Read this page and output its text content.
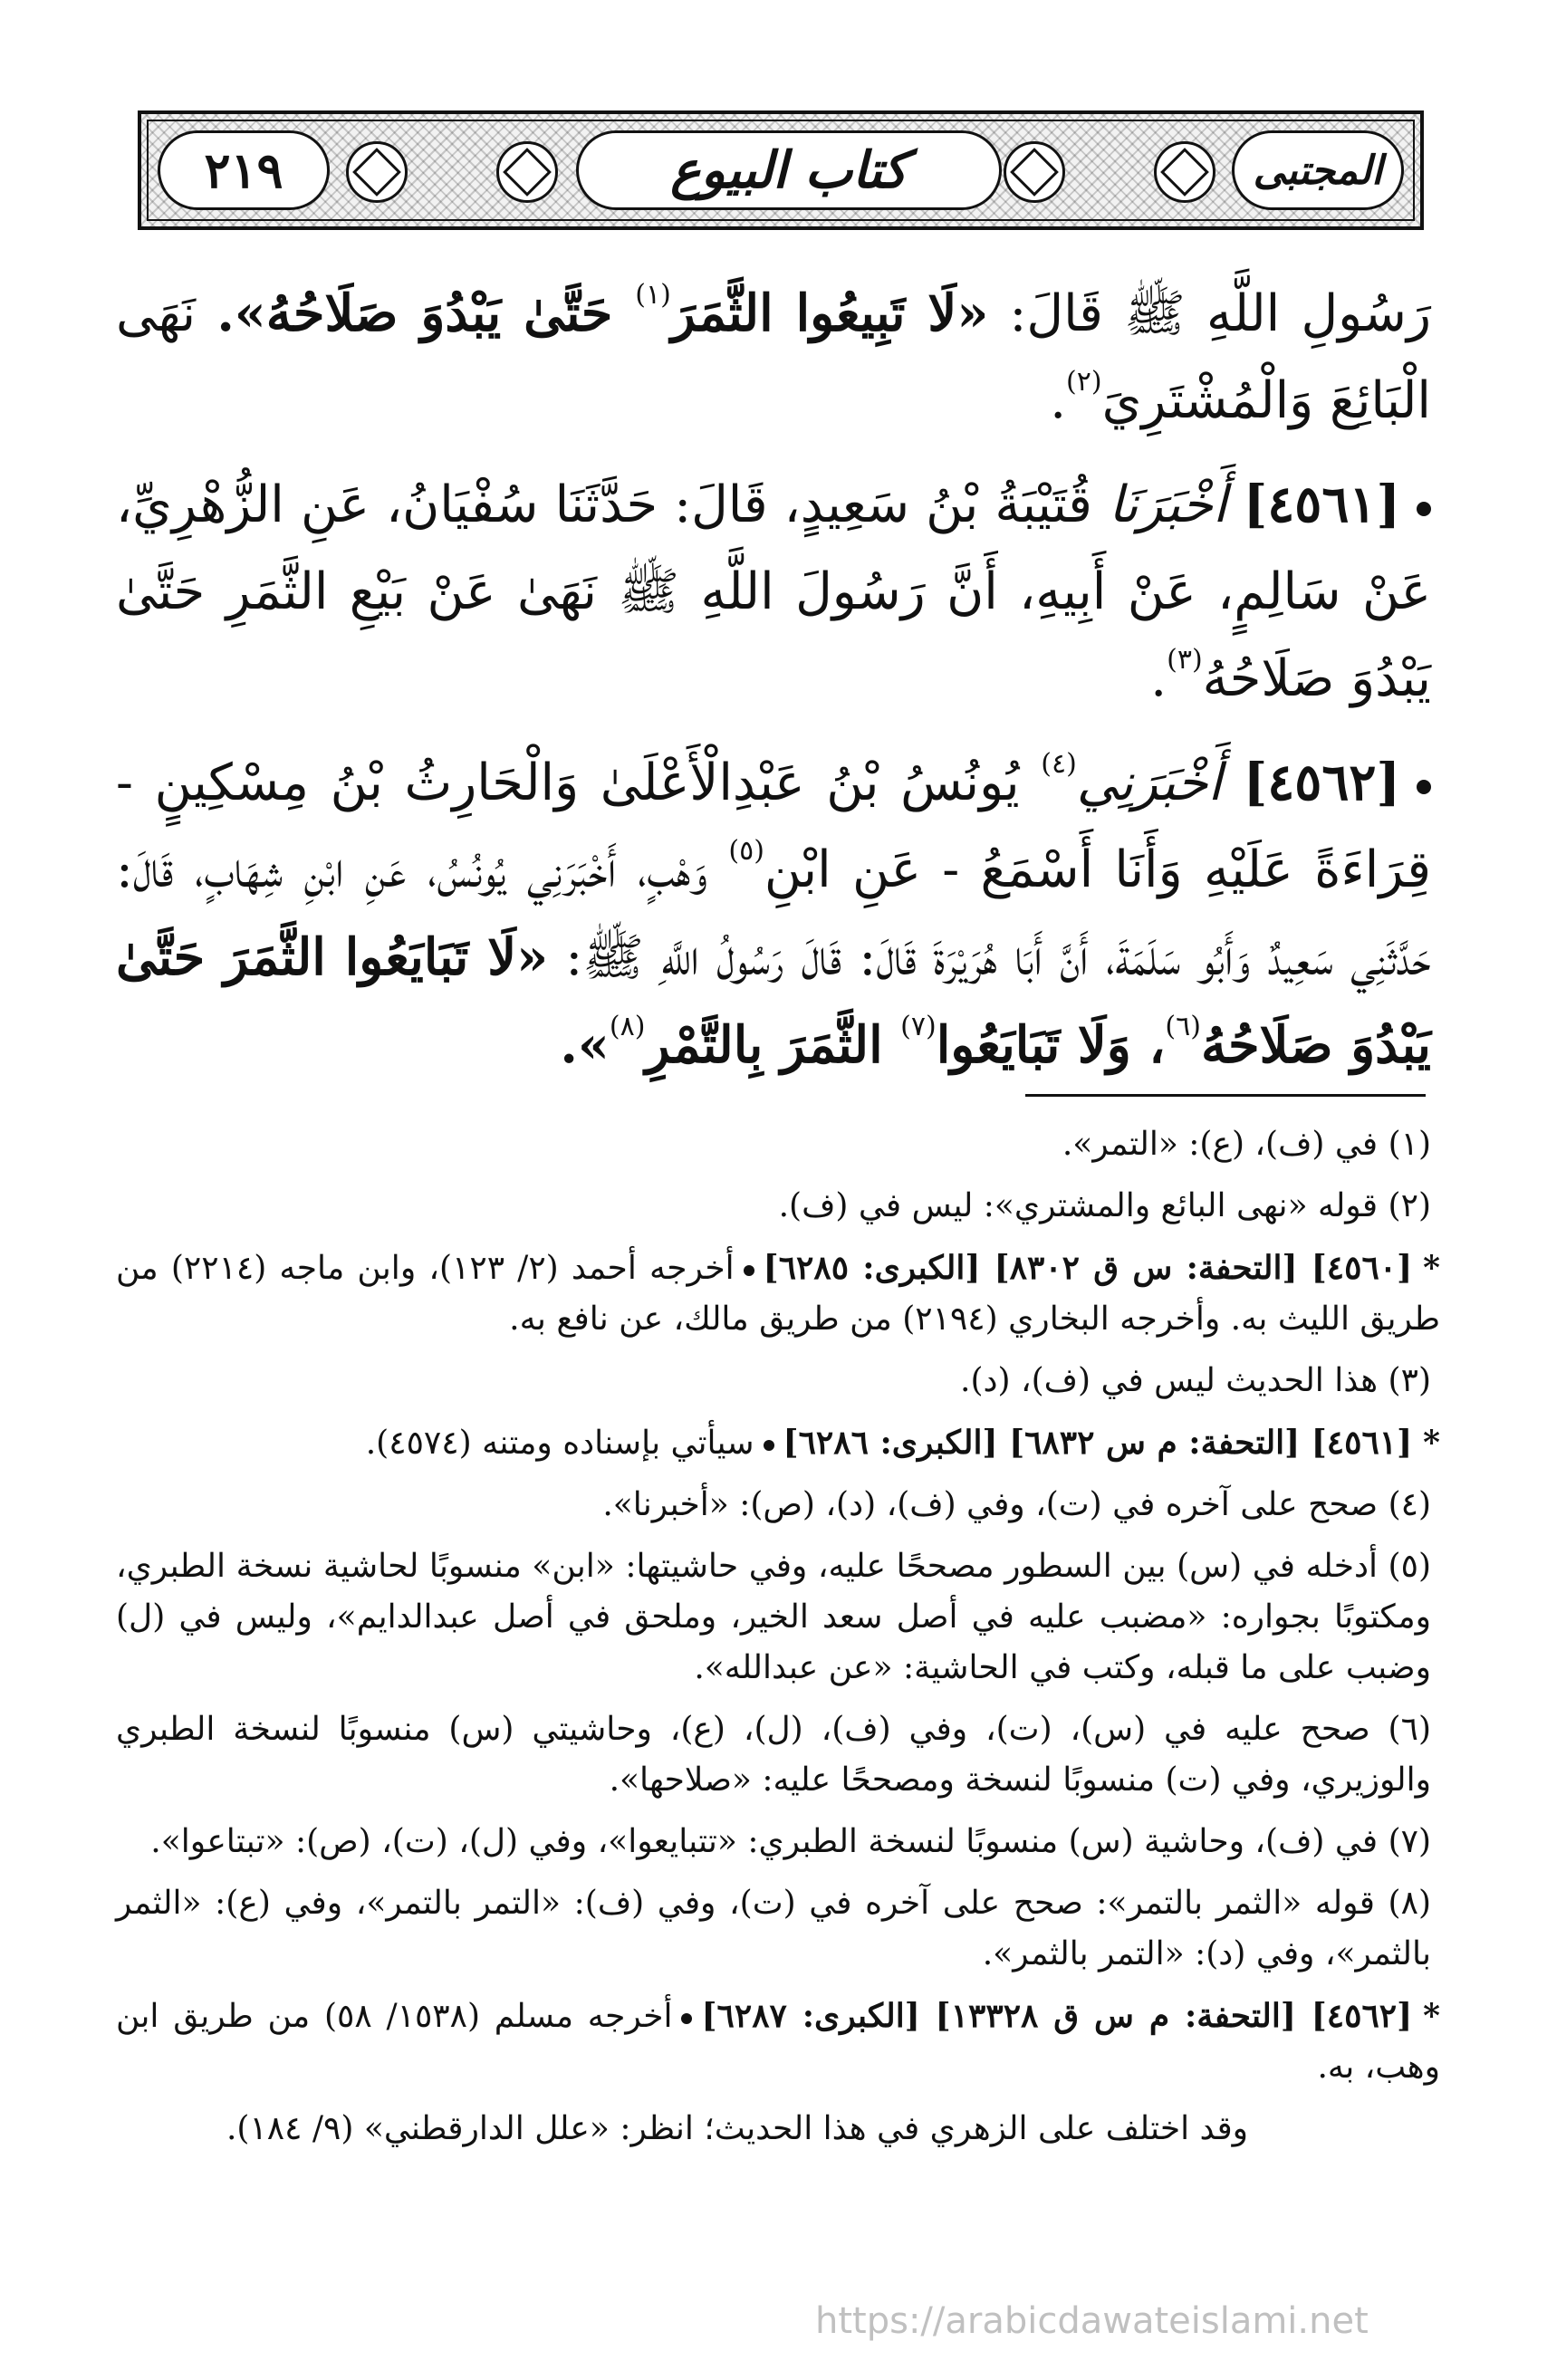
المجتبى
كتاب البيوع
٢١٩

رَسُولِ اللَّهِ ﷺ قَالَ: «لَا تَبِيعُوا الثَّمَرَ$^{(١)}$ حَتَّىٰ يَبْدُوَ صَلَاحُهُ». نَهَى الْبَائِعَ وَالْمُشْتَرِيَ$^{(٢)}$.

[٤٥٦١] أَخْبَرَنَا قُتَيْبَةُ بْنُ سَعِيدٍ، قَالَ: حَدَّثَنَا سُفْيَانُ، عَنِ الزُّهْرِيِّ، عَنْ سَالِمٍ، عَنْ أَبِيهِ، أَنَّ رَسُولَ اللَّهِ ﷺ نَهَىٰ عَنْ بَيْعِ الثَّمَرِ حَتَّىٰ يَبْدُوَ صَلَاحُهُ$^{(٣)}$.

[٤٥٦٢] أَخْبَرَنِي$^{(٤)}$ يُونُسُ بْنُ عَبْدِالْأَعْلَىٰ وَالْحَارِثُ بْنُ مِسْكِينٍ - قِرَاءَةً عَلَيْهِ وَأَنَا أَسْمَعُ - عَنِ ابْنِ$^{(٥)}$ وَهْبٍ، أَخْبَرَنِي يُونُسُ، عَنِ ابْنِ شِهَابٍ، قَالَ: حَدَّثَنِي سَعِيدٌ وَأَبُو سَلَمَةَ، أَنَّ أَبَا هُرَيْرَةَ قَالَ: قَالَ رَسُولُ اللَّهِ ﷺ: «لَا تَبَايَعُوا الثَّمَرَ حَتَّىٰ يَبْدُوَ صَلَاحُهُ$^{(٦)}$، وَلَا تَبَايَعُوا$^{(٧)}$ الثَّمَرَ بِالتَّمْرِ$^{(٨)}$».

(١) في (ف)، (ع): «التمر».

(٢) قوله «نهى البائع والمشتري»: ليس في (ف).

*[٤٥٦٠] [التحفة: س ق ٨٣٠٢] [الكبرى: ٦٢٨٥]أخرجه أحمد (٢/ ١٢٣)، وابن ماجه (٢٢١٤) من طريق الليث به. وأخرجه البخاري (٢١٩٤) من طريق مالك، عن نافع به.

(٣) هذا الحديث ليس في (ف)، (د).

*[٤٥٦١] [التحفة: م س ٦٨٣٢] [الكبرى: ٦٢٨٦]سيأتي بإسناده ومتنه (٤٥٧٤).

(٤) صحح على آخره في (ت)، وفي (ف)، (د)، (ص): «أخبرنا».

(٥) أدخله في (س) بين السطور مصححًا عليه، وفي حاشيتها: «ابن» منسوبًا لحاشية نسخة الطبري، ومكتوبًا بجواره: «مضبب عليه في أصل سعد الخير، وملحق في أصل عبدالدايم»، وليس في (ل) وضبب على ما قبله، وكتب في الحاشية: «عن عبدالله».

(٦) صحح عليه في (س)، (ت)، وفي (ف)، (ل)، (ع)، وحاشيتي (س) منسوبًا لنسخة الطبري والوزيري، وفي (ت) منسوبًا لنسخة ومصححًا عليه: «صلاحها».

(٧) في (ف)، وحاشية (س) منسوبًا لنسخة الطبري: «تتبايعوا»، وفي (ل)، (ت)، (ص): «تبتاعوا».

(٨) قوله «الثمر بالتمر»: صحح على آخره في (ت)، وفي (ف): «التمر بالتمر»، وفي (ع): «الثمر بالثمر»، وفي (د): «التمر بالثمر».

*[٤٥٦٢] [التحفة: م س ق ١٣٣٢٨] [الكبرى: ٦٢٨٧]أخرجه مسلم (١٥٣٨/ ٥٨) من طريق ابن وهب، به.

وقد اختلف على الزهري في هذا الحديث؛ انظر: «علل الدارقطني» (٩/ ١٨٤).

https://arabicdawateislami.net
